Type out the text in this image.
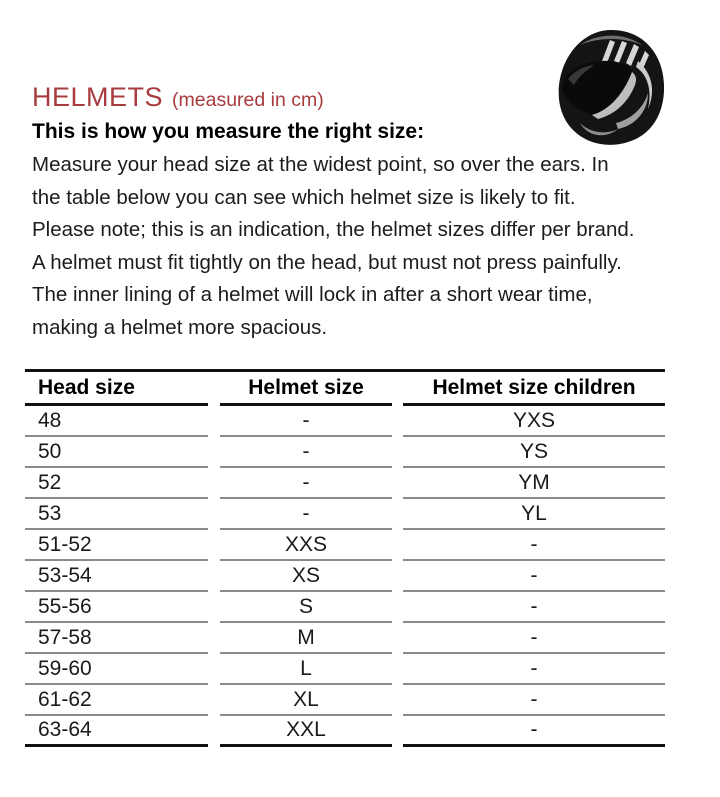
HELMETS (measured in cm)
This is how you measure the right size:
Measure your head size at the widest point, so over the ears. In
the table below you can see which helmet size is likely to fit.
Please note; this is an indication, the helmet sizes differ per brand.
A helmet must fit tightly on the head, but must not press painfully.
The inner lining of a helmet will lock in after a short wear time,
making a helmet more spacious.
Head size	Helmet size	Helmet size children
48	-	YXS
50	-	YS
52	-	YM
53	-	YL
51-52	XXS	-
53-54	XS	-
55-56	S	-
57-58	M	-
59-60	L	-
61-62	XL	-
63-64	XXL	-
